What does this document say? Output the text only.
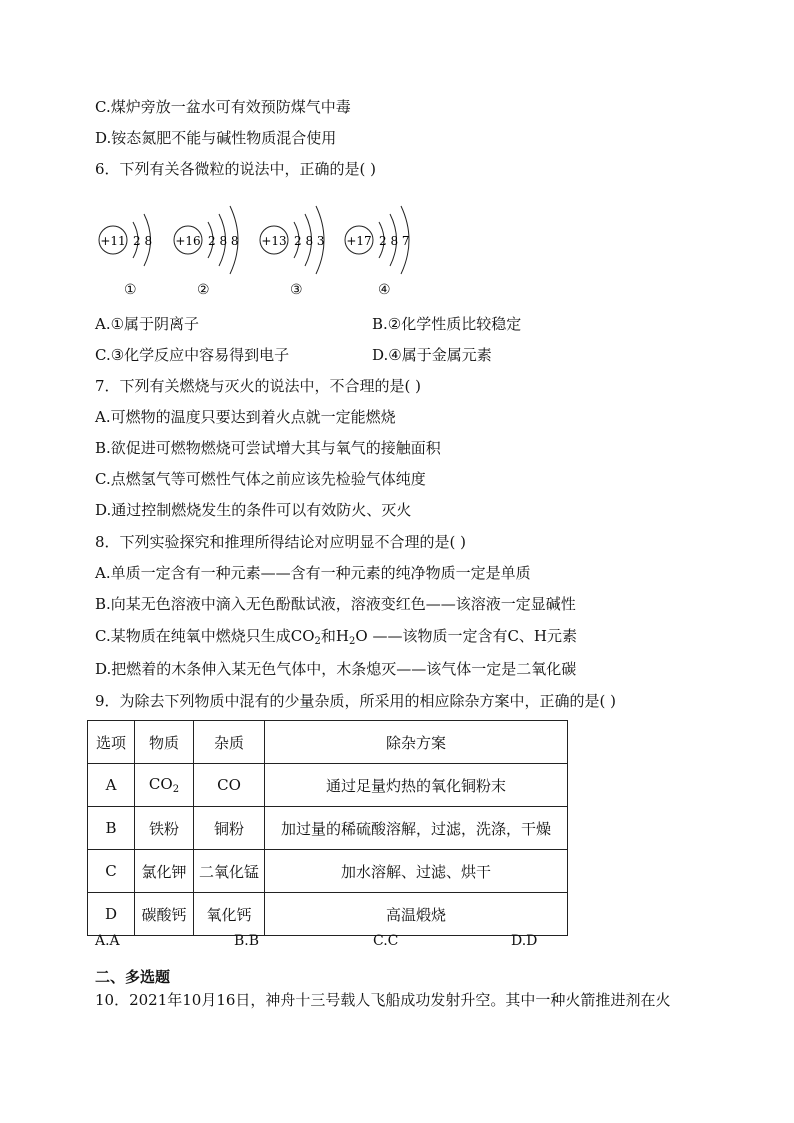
C.煤炉旁放一盆水可有效预防煤气中毒
D.铵态氮肥不能与碱性物质混合使用
6．下列有关各微粒的说法中，正确的是( )
+11 2 8 +16 2 8 8 +13 2 8 3 +17 2 8 7
①	②	③	④
A.①属于阴离子	B.②化学性质比较稳定
C.③化学反应中容易得到电子	D.④属于金属元素
7．下列有关燃烧与灭火的说法中，不合理的是( )
A.可燃物的温度只要达到着火点就一定能燃烧
B.欲促进可燃物燃烧可尝试增大其与氧气的接触面积
C.点燃氢气等可燃性气体之前应该先检验气体纯度
D.通过控制燃烧发生的条件可以有效防火、灭火
8．下列实验探究和推理所得结论对应明显不合理的是( )
A.单质一定含有一种元素——含有一种元素的纯净物质一定是单质
B.向某无色溶液中滴入无色酚酞试液，溶液变红色——该溶液一定显碱性
C.某物质在纯氧中燃烧只生成$CO_2$和$H_2O$ ——该物质一定含有C、H元素
D.把燃着的木条伸入某无色气体中，木条熄灭——该气体一定是二氧化碳
9．为除去下列物质中混有的少量杂质，所采用的相应除杂方案中，正确的是( )
选项	物质	杂质	除杂方案
A	$CO_2$	CO	通过足量灼热的氧化铜粉末
B	铁粉	铜粉	加过量的稀硫酸溶解，过滤，洗涤，干燥
C	氯化钾	二氧化锰	加水溶解、过滤、烘干
D	碳酸钙	氧化钙	高温煅烧
A.A	B.B	C.C	D.D
二、多选题
10．2021年10月16日，神舟十三号载人飞船成功发射升空。其中一种火箭推进剂在火
